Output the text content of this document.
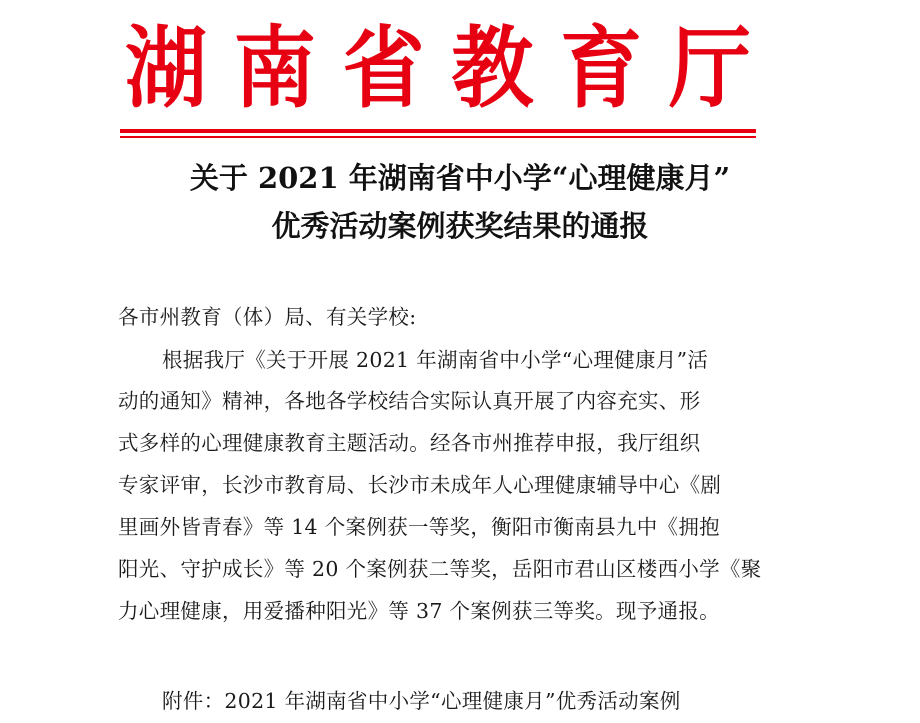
湖 南 省 教 育 厅
关于 2021 年湖南省中小学“心理健康月”
优秀活动案例获奖结果的通报
各市州教育（体）局、有关学校:
根据我厅《关于开展 2021 年湖南省中小学“心理健康月”活
动的通知》精神，各地各学校结合实际认真开展了内容充实、形
式多样的心理健康教育主题活动。经各市州推荐申报，我厅组织
专家评审，长沙市教育局、长沙市未成年人心理健康辅导中心《剧
里画外皆青春》等 14 个案例获一等奖，衡阳市衡南县九中《拥抱
阳光、守护成长》等 20 个案例获二等奖，岳阳市君山区楼西小学《聚
力心理健康，用爱播种阳光》等 37 个案例获三等奖。现予通报。
附件：2021 年湖南省中小学“心理健康月”优秀活动案例
